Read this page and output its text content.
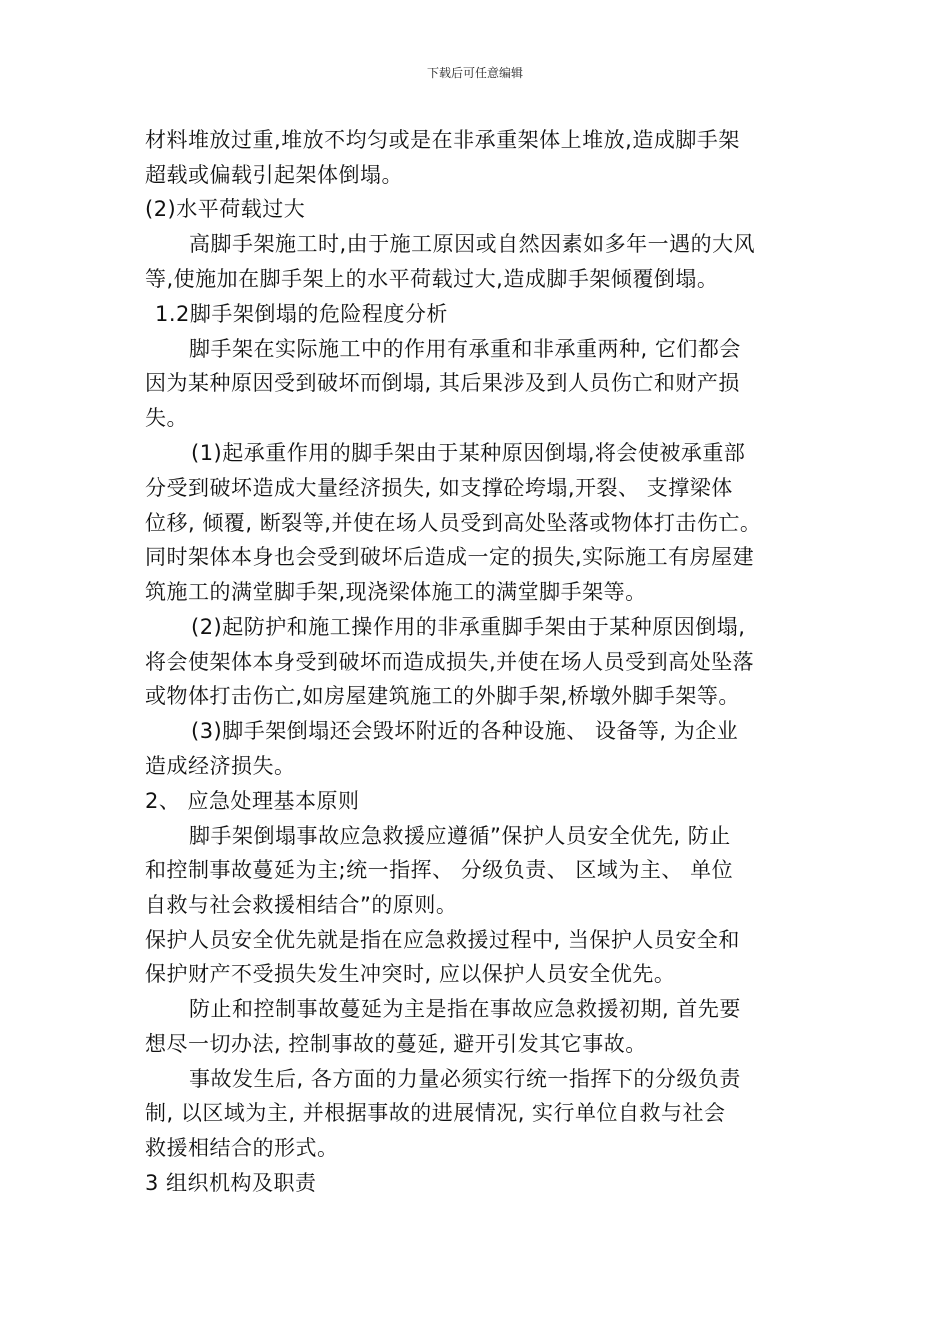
下载后可任意编辑
材料堆放过重,堆放不均匀或是在非承重架体上堆放,造成脚手架
超载或偏载引起架体倒塌。
(2)水平荷载过大
高脚手架施工时,由于施工原因或自然因素如多年一遇的大风
等,使施加在脚手架上的水平荷载过大,造成脚手架倾覆倒塌。
1.2脚手架倒塌的危险程度分析
脚手架在实际施工中的作用有承重和非承重两种, 它们都会
因为某种原因受到破坏而倒塌, 其后果涉及到人员伤亡和财产损
失。
(1)起承重作用的脚手架由于某种原因倒塌,将会使被承重部
分受到破坏造成大量经济损失, 如支撑砼垮塌,开裂、 支撑梁体
位移, 倾覆, 断裂等,并使在场人员受到高处坠落或物体打击伤亡。
同时架体本身也会受到破坏后造成一定的损失,实际施工有房屋建
筑施工的满堂脚手架,现浇梁体施工的满堂脚手架等。
(2)起防护和施工操作用的非承重脚手架由于某种原因倒塌,
将会使架体本身受到破坏而造成损失,并使在场人员受到高处坠落
或物体打击伤亡,如房屋建筑施工的外脚手架,桥墩外脚手架等。
(3)脚手架倒塌还会毁坏附近的各种设施、 设备等, 为企业
造成经济损失。
2、 应急处理基本原则
脚手架倒塌事故应急救援应遵循”保护人员安全优先, 防止
和控制事故蔓延为主;统一指挥、 分级负责、 区域为主、 单位
自救与社会救援相结合”的原则。
保护人员安全优先就是指在应急救援过程中, 当保护人员安全和
保护财产不受损失发生冲突时, 应以保护人员安全优先。
防止和控制事故蔓延为主是指在事故应急救援初期, 首先要
想尽一切办法, 控制事故的蔓延, 避开引发其它事故。
事故发生后, 各方面的力量必须实行统一指挥下的分级负责
制, 以区域为主, 并根据事故的进展情况, 实行单位自救与社会
救援相结合的形式。
3 组织机构及职责
